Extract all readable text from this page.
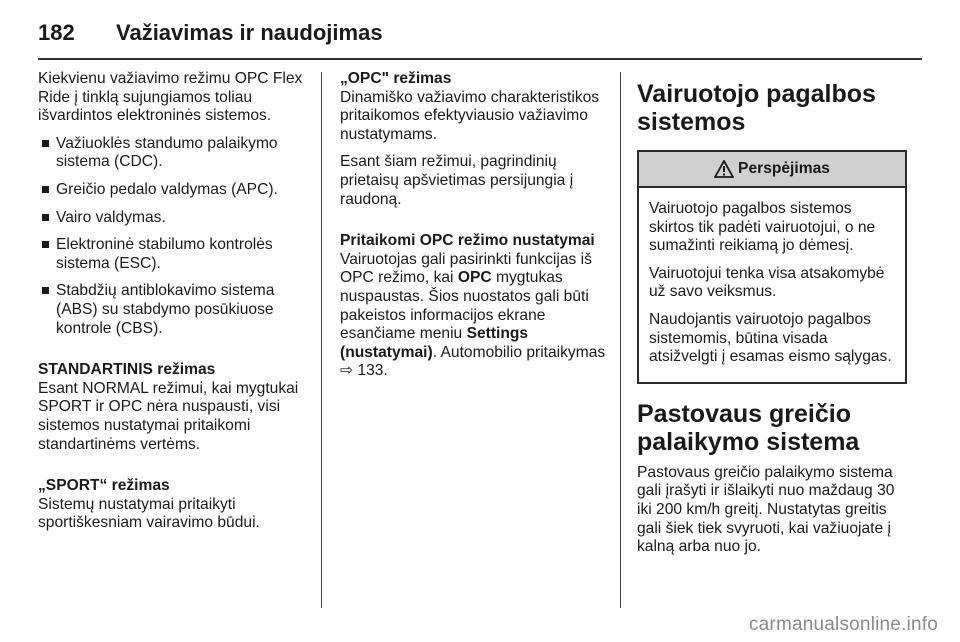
182	Važiavimas ir naudojimas

Kiekvienu važiavimo režimu OPC Flex Ride į tinklą sujungiamos toliau išvardintos elektroninės sistemos.

Važiuoklės standumo palaikymo sistema (CDC).
Greičio pedalo valdymas (APC).
Vairo valdymas.
Elektroninė stabilumo kontrolės sistema (ESC).
Stabdžių antiblokavimo sistema (ABS) su stabdymo posūkiuose kontrole (CBS).
STANDARTINIS režimas

Esant NORMAL režimui, kai mygtukai SPORT ir OPC nėra nuspausti, visi sistemos nustatymai pritaikomi standartinėms vertėms.

„SPORT“ režimas

Sistemų nustatymai pritaikyti sportiškesniam vairavimo būdui.

„OPC" režimas

Dinamiško važiavimo charakteristikos pritaikomos efektyviausio važiavimo nustatymams.

Esant šiam režimui, pagrindinių prietaisų apšvietimas persijungia į raudoną.

Pritaikomi OPC režimo nustatymai

Vairuotojas gali pasirinkti funkcijas iš OPC režimo, kai OPC mygtukas nuspaustas. Šios nuostatos gali būti pakeistos informacijos ekrane esančiame meniu Settings (nustatymai). Automobilio pritaikymas ⇨ 133.

Vairuotojo pagalbos sistemos
Perspėjimas

Vairuotojo pagalbos sistemos skirtos tik padėti vairuotojui, o ne sumažinti reikiamą jo dėmesį.

Vairuotojui tenka visa atsakomybė už savo veiksmus.

Naudojantis vairuotojo pagalbos sistemomis, būtina visada atsižvelgti į esamas eismo sąlygas.

Pastovaus greičio palaikymo sistema

Pastovaus greičio palaikymo sistema gali įrašyti ir išlaikyti nuo maždaug 30 iki 200 km/h greitį. Nustatytas greitis gali šiek tiek svyruoti, kai važiuojate į kalną arba nuo jo.

carmanualsonline.info
